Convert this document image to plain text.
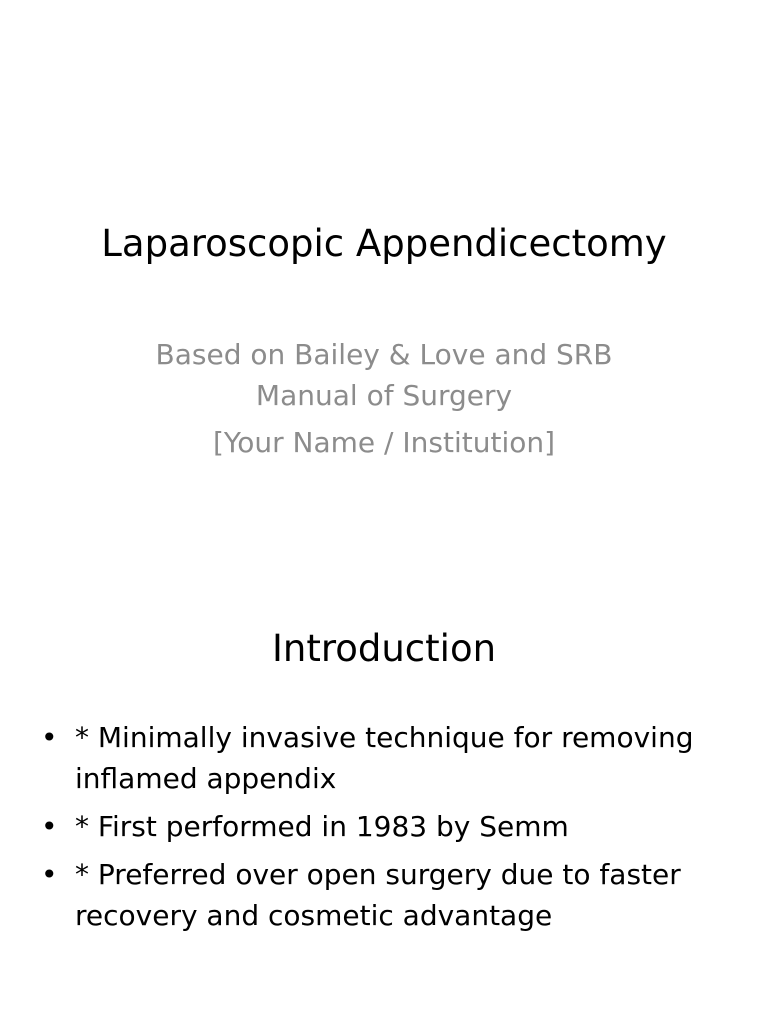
Laparoscopic Appendicectomy
Based on Bailey & Love and SRB
Manual of Surgery
[Your Name / Institution]
Introduction
• * Minimally invasive technique for removing inflamed appendix
• * First performed in 1983 by Semm
• * Preferred over open surgery due to faster recovery and cosmetic advantage
